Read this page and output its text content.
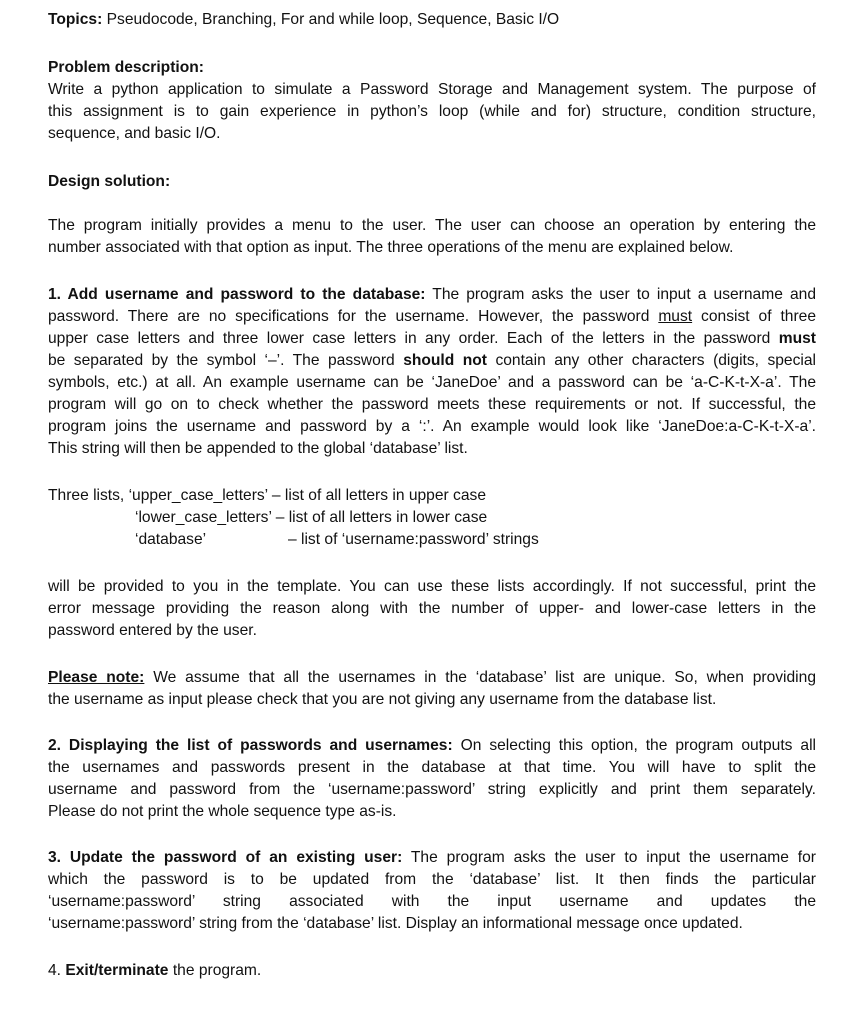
Topics: Pseudocode, Branching, For and while loop, Sequence, Basic I/O
Problem description:
Write a python application to simulate a Password Storage and Management system. The purpose of
this assignment is to gain experience in python’s loop (while and for) structure, condition structure,
sequence, and basic I/O.
Design solution:
The program initially provides a menu to the user. The user can choose an operation by entering the
number associated with that option as input. The three operations of the menu are explained below.
1. Add username and password to the database: The program asks the user to input a username and
password. There are no specifications for the username. However, the password must consist of three
upper case letters and three lower case letters in any order. Each of the letters in the password must
be separated by the symbol ‘–’. The password should not contain any other characters (digits, special
symbols, etc.) at all. An example username can be ‘JaneDoe’ and a password can be ‘a-C-K-t-X-a’. The
program will go on to check whether the password meets these requirements or not. If successful, the
program joins the username and password by a ‘:’. An example would look like ‘JaneDoe:a-C-K-t-X-a’.
This string will then be appended to the global ‘database’ list.
Three lists, ‘upper_case_letters’ – list of all letters in upper case
‘lower_case_letters’ – list of all letters in lower case
‘database’	– list of ‘username:password’ strings
will be provided to you in the template. You can use these lists accordingly. If not successful, print the
error message providing the reason along with the number of upper- and lower-case letters in the
password entered by the user.
Please note: We assume that all the usernames in the ‘database’ list are unique. So, when providing
the username as input please check that you are not giving any username from the database list.
2. Displaying the list of passwords and usernames: On selecting this option, the program outputs all
the usernames and passwords present in the database at that time. You will have to split the
username and password from the ‘username:password’ string explicitly and print them separately.
Please do not print the whole sequence type as-is.
3. Update the password of an existing user: The program asks the user to input the username for
which the password is to be updated from the ‘database’ list. It then finds the particular
‘username:password’ string associated with the input username and updates the
‘username:password’ string from the ‘database’ list. Display an informational message once updated.
4. Exit/terminate the program.
